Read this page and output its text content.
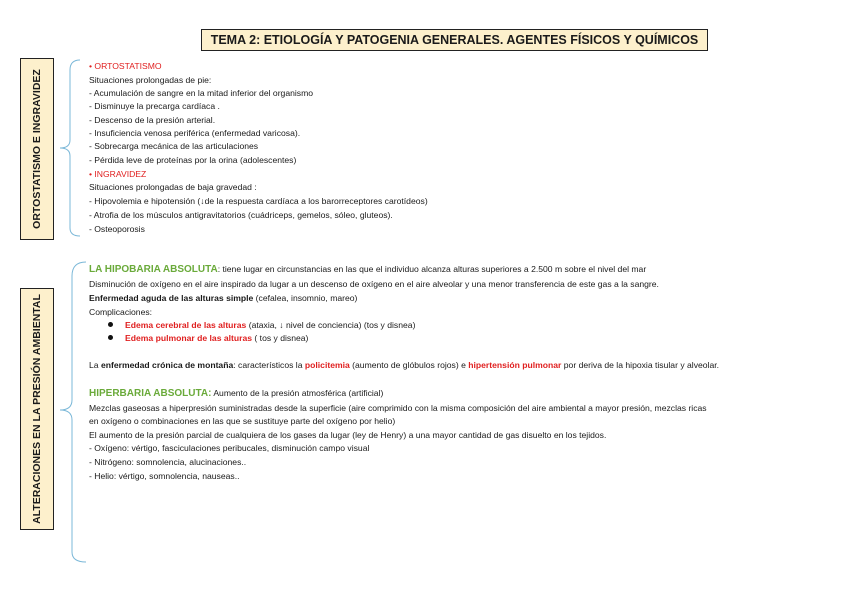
TEMA 2: ETIOLOGÍA Y PATOGENIA GENERALES. AGENTES FÍSICOS Y QUÍMICOS
ORTOSTATISMO E INGRAVIDEZ
ALTERACIONES EN LA PRESIÓN AMBIENTAL
• ORTOSTATISMO
Situaciones prolongadas de pie:
- Acumulación de sangre en la mitad inferior del organismo
- Disminuye la precarga cardíaca .
- Descenso de la presión arterial.
- Insuficiencia venosa periférica (enfermedad varicosa).
- Sobrecarga mecánica de las articulaciones
- Pérdida leve de proteínas por la orina (adolescentes)
• INGRAVIDEZ
Situaciones prolongadas de baja gravedad :
- Hipovolemia e hipotensión (↓de la respuesta cardíaca a los barorreceptores carotídeos)
- Atrofia de los músculos antigravitatorios (cuádriceps, gemelos, sóleo, gluteos).
- Osteoporosis
LA HIPOBARIA ABSOLUTA: tiene lugar en circunstancias en las que el individuo alcanza alturas superiores a 2.500 m sobre el nivel del mar
Disminución de oxígeno en el aire inspirado da lugar a un descenso de oxígeno en el aire alveolar y una menor transferencia de este gas a la sangre.
Enfermedad aguda de las alturas simple (cefalea, insomnio, mareo)
Complicaciones:
Edema cerebral de las alturas (ataxia, ↓ nivel de conciencia) (tos y disnea)
Edema pulmonar de las alturas ( tos y disnea)
La enfermedad crónica de montaña: característicos la policitemia (aumento de glóbulos rojos) e hipertensión pulmonar por deriva de la hipoxia tisular y alveolar.
HIPERBARIA ABSOLUTA: Aumento de la presión atmosférica (artificial)
Mezclas gaseosas a hiperpresión suministradas desde la superficie (aire comprimido con la misma composición del aire ambiental a mayor presión, mezclas ricas
en oxígeno o combinaciones en las que se sustituye parte del oxígeno por helio)
El aumento de la presión parcial de cualquiera de los gases da lugar (ley de Henry) a una mayor cantidad de gas disuelto en los tejidos.
- Oxígeno: vértigo, fasciculaciones peribucales, disminución campo visual
- Nitrógeno: somnolencia, alucinaciones..
- Helio: vértigo, somnolencia, nauseas..
